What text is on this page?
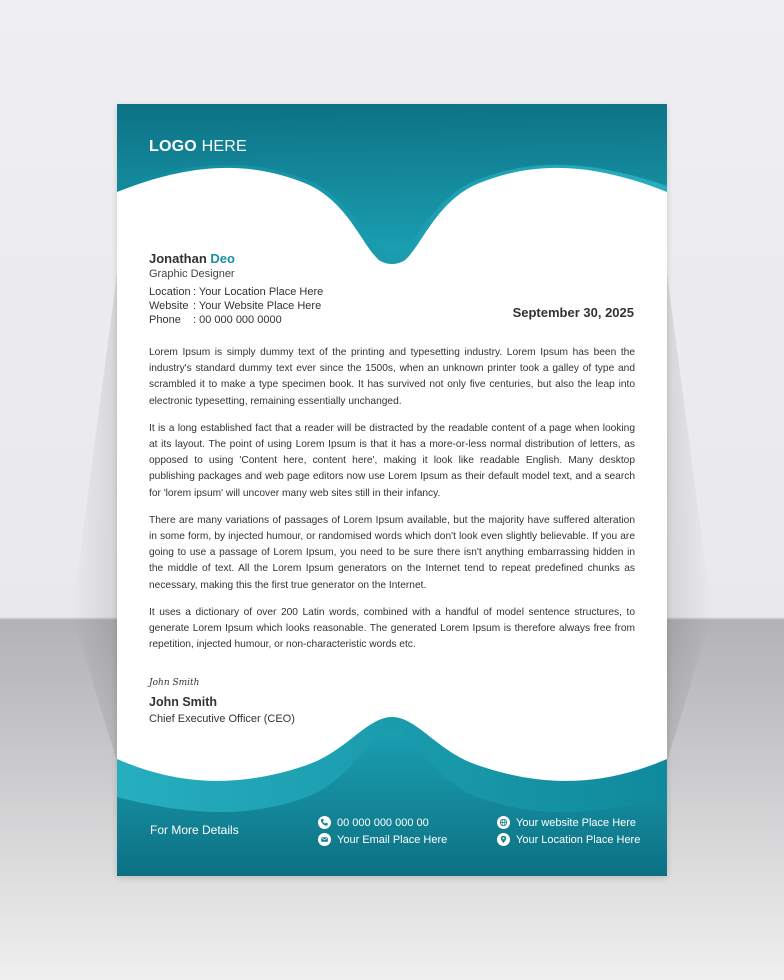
LOGO HERE
Jonathan Deo
Graphic Designer
Location : Your Location Place Here
Website : Your Website Place Here
Phone	: 00 000 000 0000	September 30, 2025

Lorem Ipsum is simply dummy text of the printing and typesetting industry. Lorem Ipsum has been the industry's standard dummy text ever since the 1500s, when an unknown printer took a galley of type and scrambled it to make a type specimen book. It has survived not only five centuries, but also the leap into electronic typesetting, remaining essentially unchanged.

It is a long established fact that a reader will be distracted by the readable content of a page when looking at its layout. The point of using Lorem Ipsum is that it has a more-or-less normal distribution of letters, as opposed to using 'Content here, content here', making it look like readable English. Many desktop publishing packages and web page editors now use Lorem Ipsum as their default model text, and a search for 'lorem ipsum' will uncover many web sites still in their infancy.

There are many variations of passages of Lorem Ipsum available, but the majority have suffered alteration in some form, by injected humour, or randomised words which don't look even slightly believable. If you are going to use a passage of Lorem Ipsum, you need to be sure there isn't anything embarrassing hidden in the middle of text. All the Lorem Ipsum generators on the Internet tend to repeat predefined chunks as necessary, making this the first true generator on the Internet.

It uses a dictionary of over 200 Latin words, combined with a handful of model sentence structures, to generate Lorem Ipsum which looks reasonable. The generated Lorem Ipsum is therefore always free from repetition, injected humour, or non-characteristic words etc.

John Smith
John Smith
Chief Executive Officer (CEO)
For More Details
00 000 000 000 00
Your Email Place Here
Your website Place Here
Your Location Place Here
